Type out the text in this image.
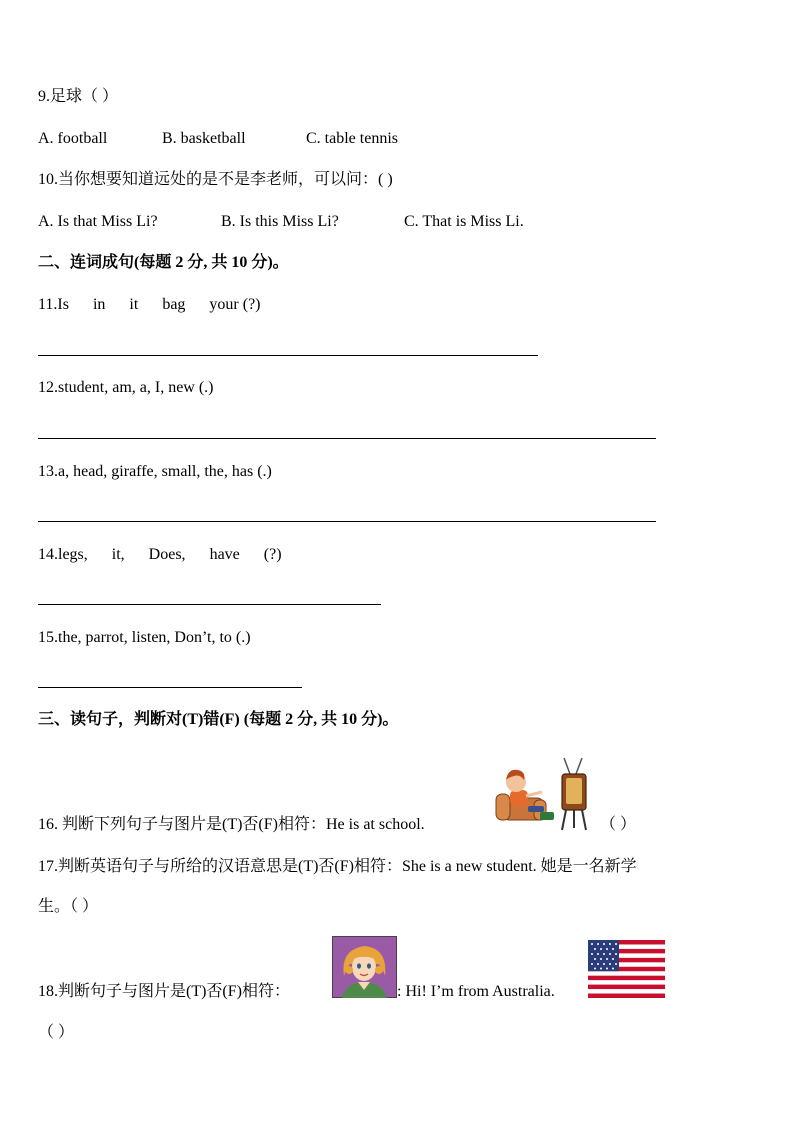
9.足球（ ）
A. football	B. basketball	C. table tennis
10.当你想要知道远处的是不是李老师，可以问：( )
A. Is that Miss Li?	B. Is this Miss Li?	C. That is Miss Li.
二、连词成句(每题 2 分, 共 10 分)。
11.Is in it bag your (?)
12.student, am, a, I, new (.)
13.a, head, giraffe, small, the, has (.)
14.legs, it, Does, have (?)
15.the, parrot, listen, Don’t, to (.)
三、读句子，判断对(T)错(F) (每题 2 分, 共 10 分)。
16. 判断下列句子与图片是(T)否(F)相符：He is at school.	（ ）
17.判断英语句子与所给的汉语意思是(T)否(F)相符：She is a new student. 她是一名新学
生。（ ）
18.判断句子与图片是(T)否(F)相符：	: Hi! I’m from Australia.
（ ）
